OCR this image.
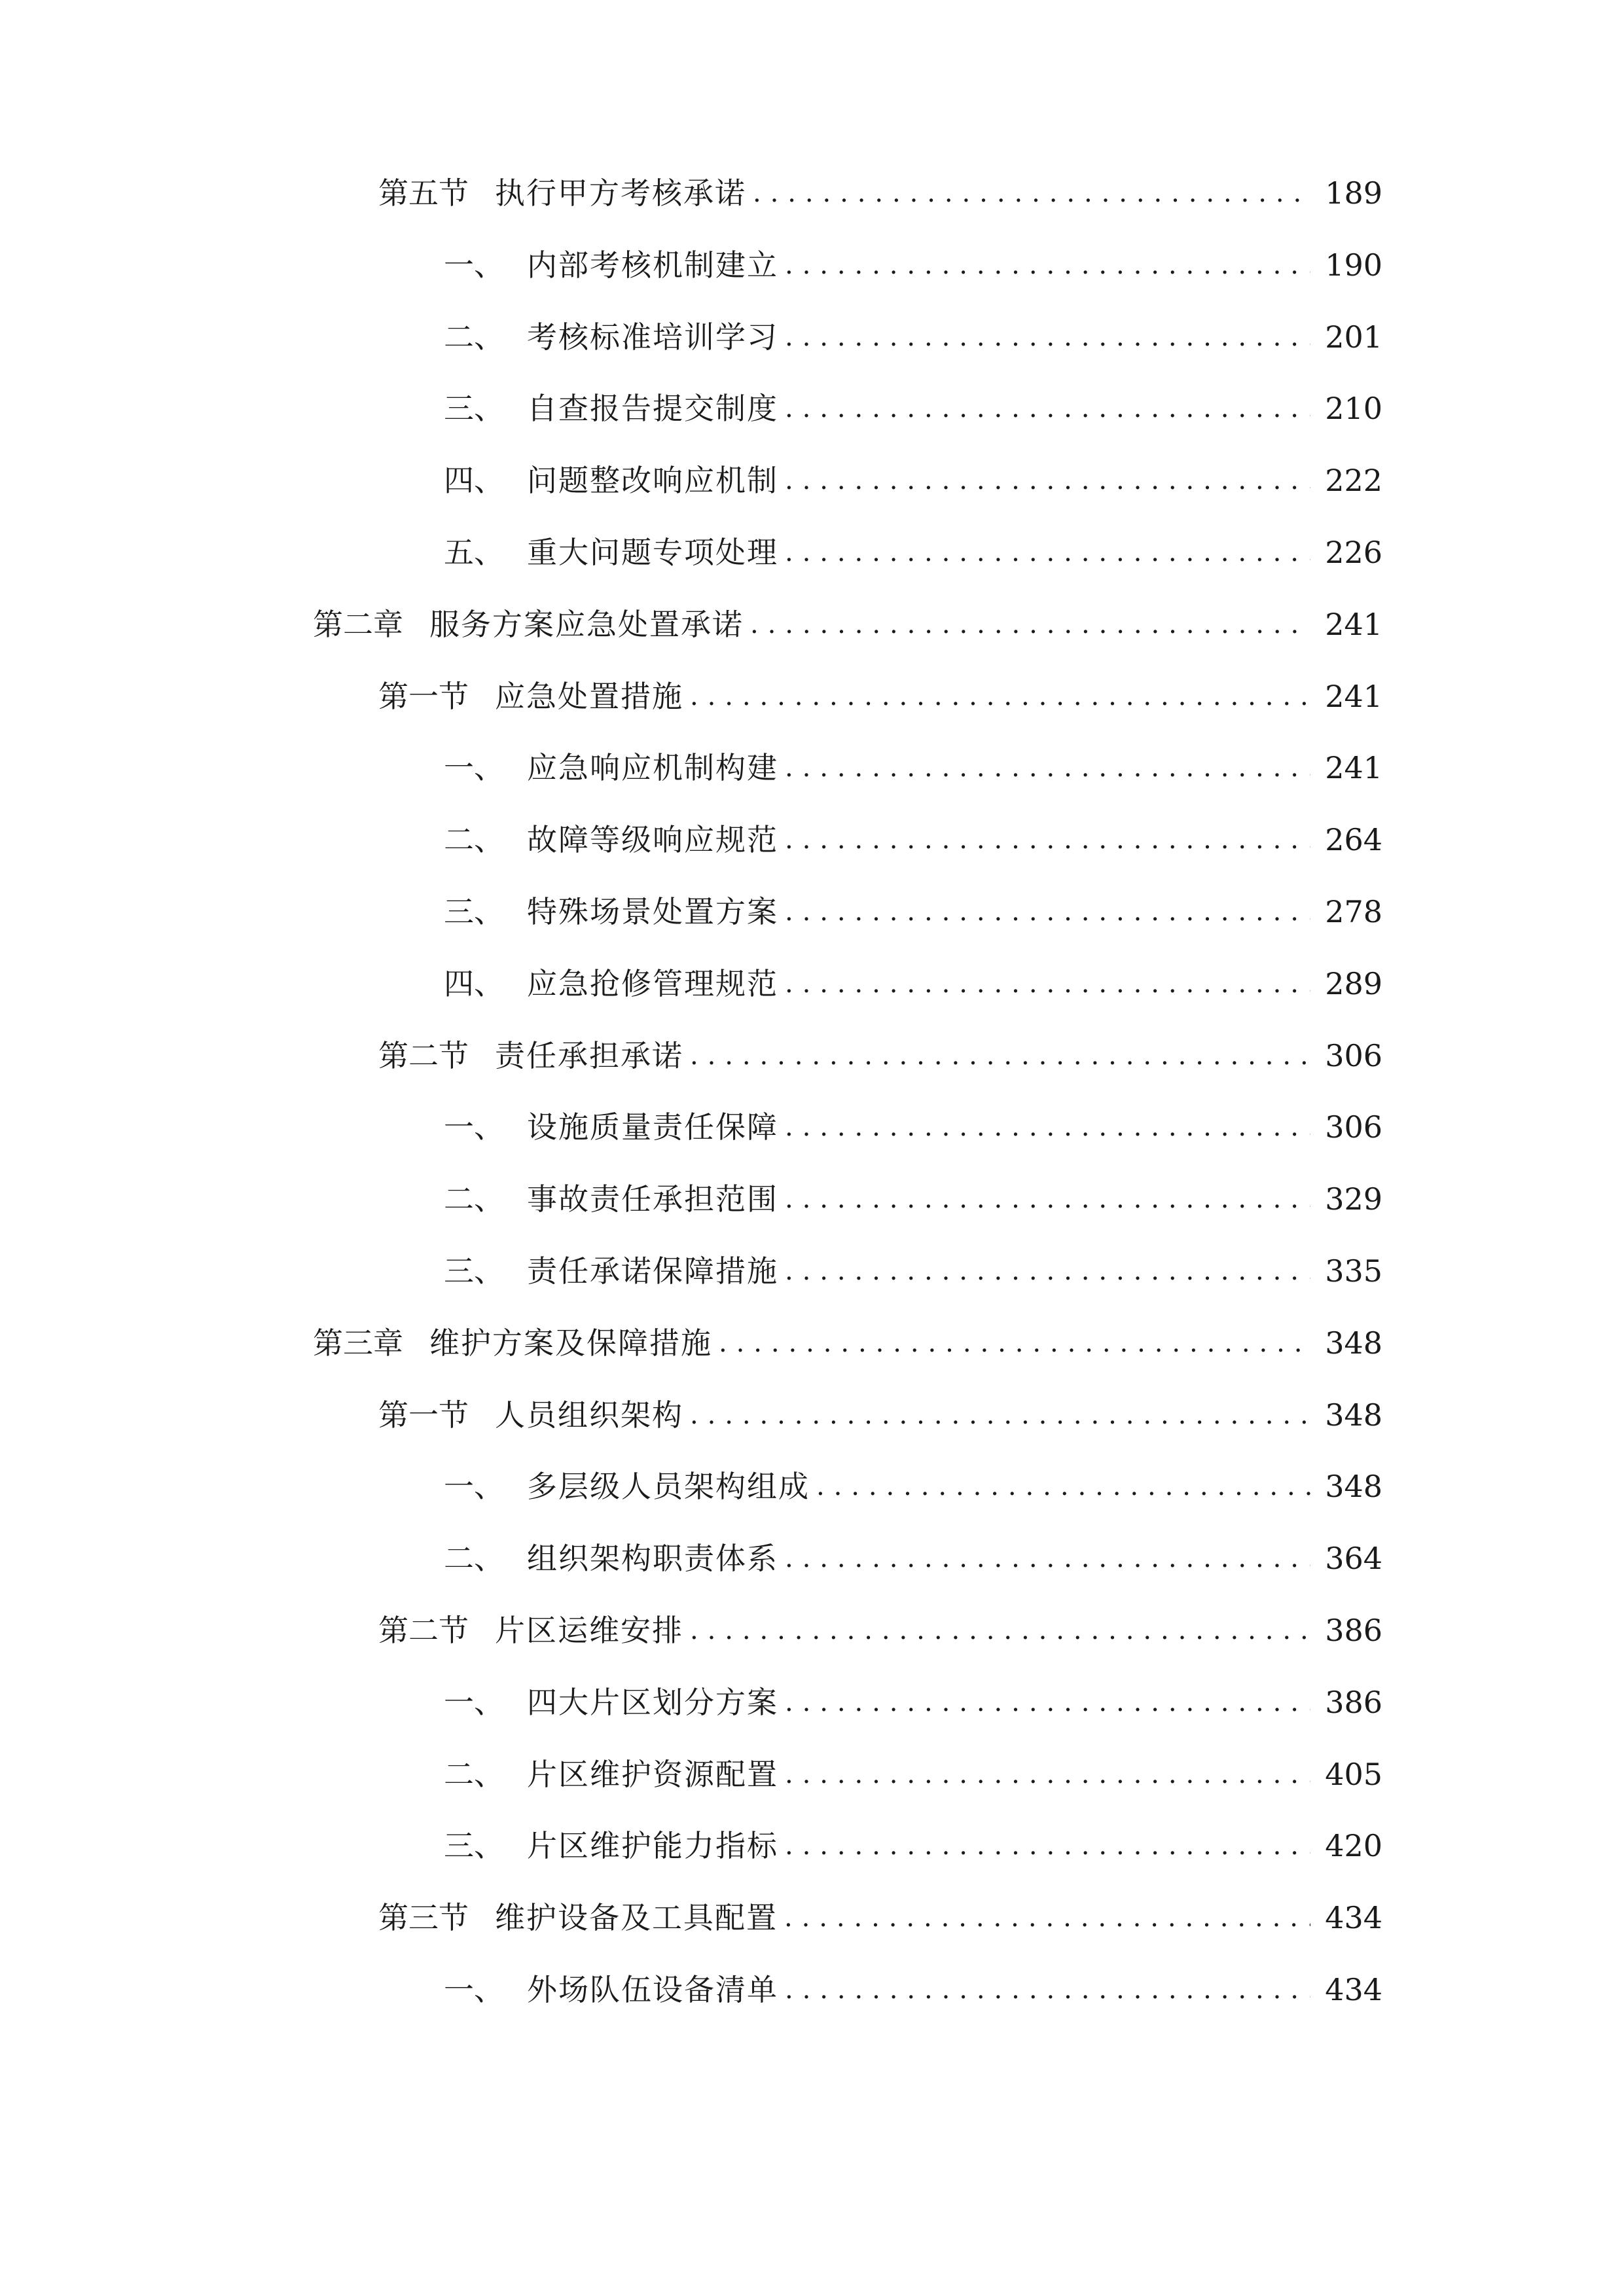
第五节 执行甲方考核承诺 . . .	189
一、 内部考核机制建立 . . .	190
二、 考核标准培训学习 . . .	201
三、 自查报告提交制度 . . .	210
四、 问题整改响应机制 . . .	222
五、 重大问题专项处理 . . .	226
第二章 服务方案应急处置承诺 . . .	241
第一节 应急处置措施 . . .	241
一、 应急响应机制构建 . . .	241
二、 故障等级响应规范 . . .	264
三、 特殊场景处置方案 . . .	278
四、 应急抢修管理规范 . . .	289
第二节 责任承担承诺 . . .	306
一、 设施质量责任保障 . . .	306
二、 事故责任承担范围 . . .	329
三、 责任承诺保障措施 . . .	335
第三章 维护方案及保障措施 . . .	348
第一节 人员组织架构 . . .	348
一、 多层级人员架构组成 . . .	348
二、 组织架构职责体系 . . .	364
第二节 片区运维安排 . . .	386
一、 四大片区划分方案 . . .	386
二、 片区维护资源配置 . . .	405
三、 片区维护能力指标 . . .	420
第三节 维护设备及工具配置 . . .	434
一、 外场队伍设备清单 . . .	434
